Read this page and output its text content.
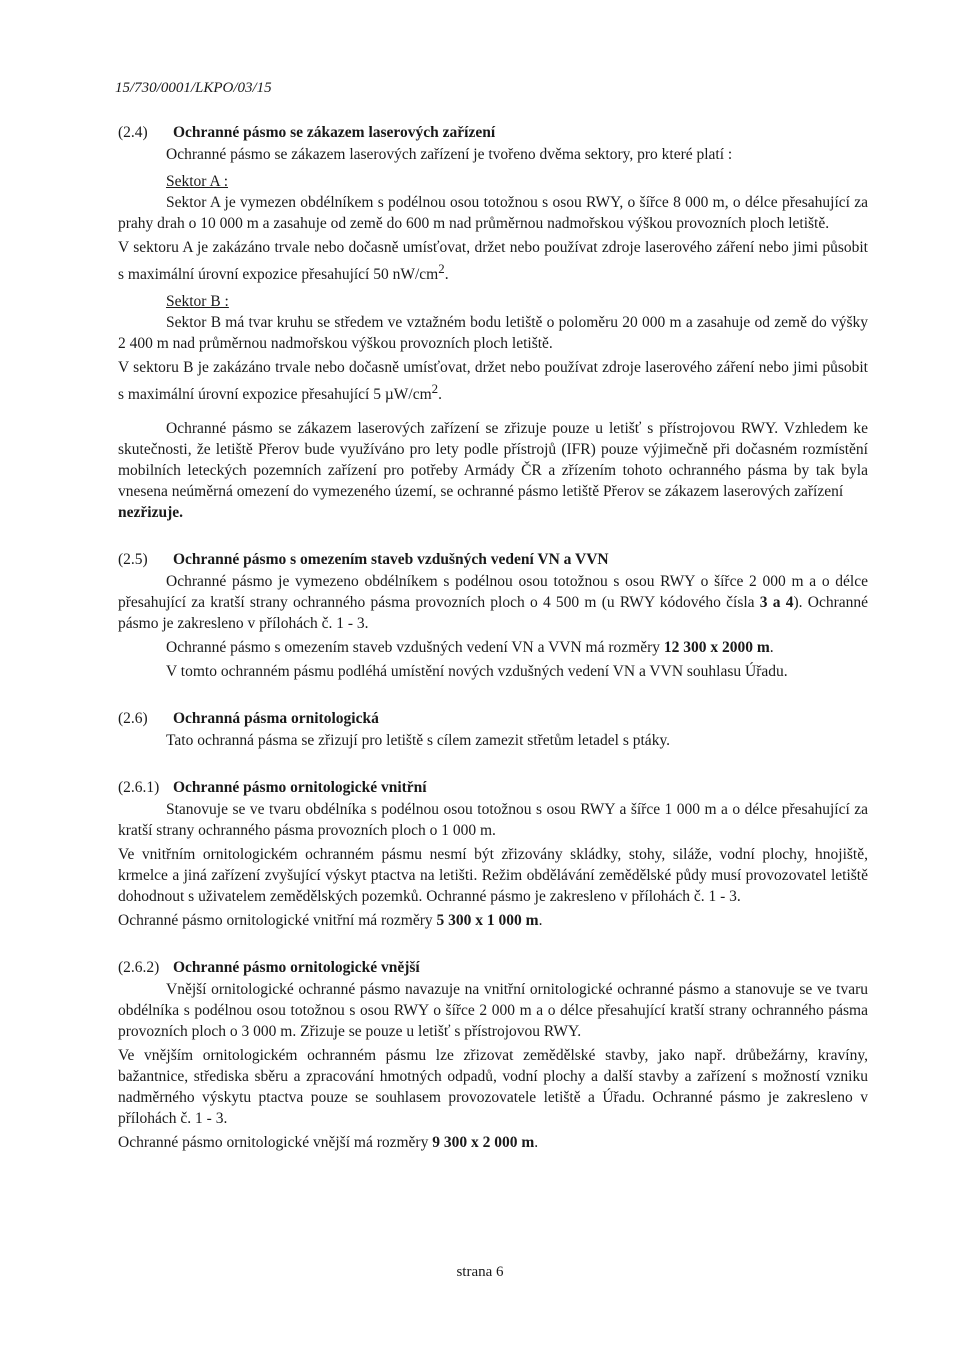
15/730/0001/LKPO/03/15
(2.4)	Ochranné pásmo se zákazem laserových zařízení

Ochranné pásmo se zákazem laserových zařízení je tvořeno dvěma sektory, pro které platí :

Sektor A :

Sektor A je vymezen obdélníkem s podélnou osou totožnou s osou RWY, o šířce 8 000 m, o délce přesahující za prahy drah o 10 000 m a zasahuje od země do 600 m nad průměrnou nadmořskou výškou provozních ploch letiště.

V sektoru A je zakázáno trvale nebo dočasně umísťovat, držet nebo používat zdroje laserového záření nebo jimi působit s maximální úrovní expozice přesahující 50 $nW/cm^2$.

Sektor B :

Sektor B má tvar kruhu se středem ve vztažném bodu letiště o poloměru 20 000 m a zasahuje od země do výšky 2 400 m nad průměrnou nadmořskou výškou provozních ploch letiště.

V sektoru B je zakázáno trvale nebo dočasně umísťovat, držet nebo používat zdroje laserového záření nebo jimi působit s maximální úrovní expozice přesahující 5 $\mu W/cm^2$.

Ochranné pásmo se zákazem laserových zařízení se zřizuje pouze u letišť s přístrojovou RWY. Vzhledem ke skutečnosti, že letiště Přerov bude využíváno pro lety podle přístrojů (IFR) pouze výjimečně při dočasném rozmístění mobilních leteckých pozemních zařízení pro potřeby Armády ČR a zřízením tohoto ochranného pásma by tak byla vnesena neúměrná omezení do vymezeného území, se ochranné pásmo letiště Přerov se zákazem laserových zařízení
nezřizuje.

(2.5)	Ochranné pásmo s omezením staveb vzdušných vedení VN a VVN

Ochranné pásmo je vymezeno obdélníkem s podélnou osou totožnou s osou RWY o šířce 2 000 m a o délce přesahující za kratší strany ochranného pásma provozních ploch o 4 500 m (u RWY kódového čísla 3 a 4). Ochranné pásmo je zakresleno v přílohách č. 1 - 3.

Ochranné pásmo s omezením staveb vzdušných vedení VN a VVN má rozměry 12 300 x 2000 m.

V tomto ochranném pásmu podléhá umístění nových vzdušných vedení VN a VVN souhlasu Úřadu.

(2.6)	Ochranná pásma ornitologická

Tato ochranná pásma se zřizují pro letiště s cílem zamezit střetům letadel s ptáky.

(2.6.1) Ochranné pásmo ornitologické vnitřní

Stanovuje se ve tvaru obdélníka s podélnou osou totožnou s osou RWY a šířce 1 000 m a o délce přesahující za kratší strany ochranného pásma provozních ploch o 1 000 m.

Ve vnitřním ornitologickém ochranném pásmu nesmí být zřizovány skládky, stohy, siláže, vodní plochy, hnojiště, krmelce a jiná zařízení zvyšující výskyt ptactva na letišti. Režim obdělávání zemědělské půdy musí provozovatel letiště dohodnout s uživatelem zemědělských pozemků. Ochranné pásmo je zakresleno v přílohách č. 1 - 3.

Ochranné pásmo ornitologické vnitřní má rozměry 5 300 x 1 000 m.

(2.6.2) Ochranné pásmo ornitologické vnější

Vnější ornitologické ochranné pásmo navazuje na vnitřní ornitologické ochranné pásmo a stanovuje se ve tvaru obdélníka s podélnou osou totožnou s osou RWY o šířce 2 000 m a o délce přesahující kratší strany ochranného pásma provozních ploch o 3 000 m. Zřizuje se pouze u letišť s přístrojovou RWY.

Ve vnějším ornitologickém ochranném pásmu lze zřizovat zemědělské stavby, jako např. drůbežárny, kravíny, bažantnice, střediska sběru a zpracování hmotných odpadů, vodní plochy a další stavby a zařízení s možností vzniku nadměrného výskytu ptactva pouze se souhlasem provozovatele letiště a Úřadu. Ochranné pásmo je zakresleno v přílohách č. 1 - 3.

Ochranné pásmo ornitologické vnější má rozměry 9 300 x 2 000 m.

strana 6
